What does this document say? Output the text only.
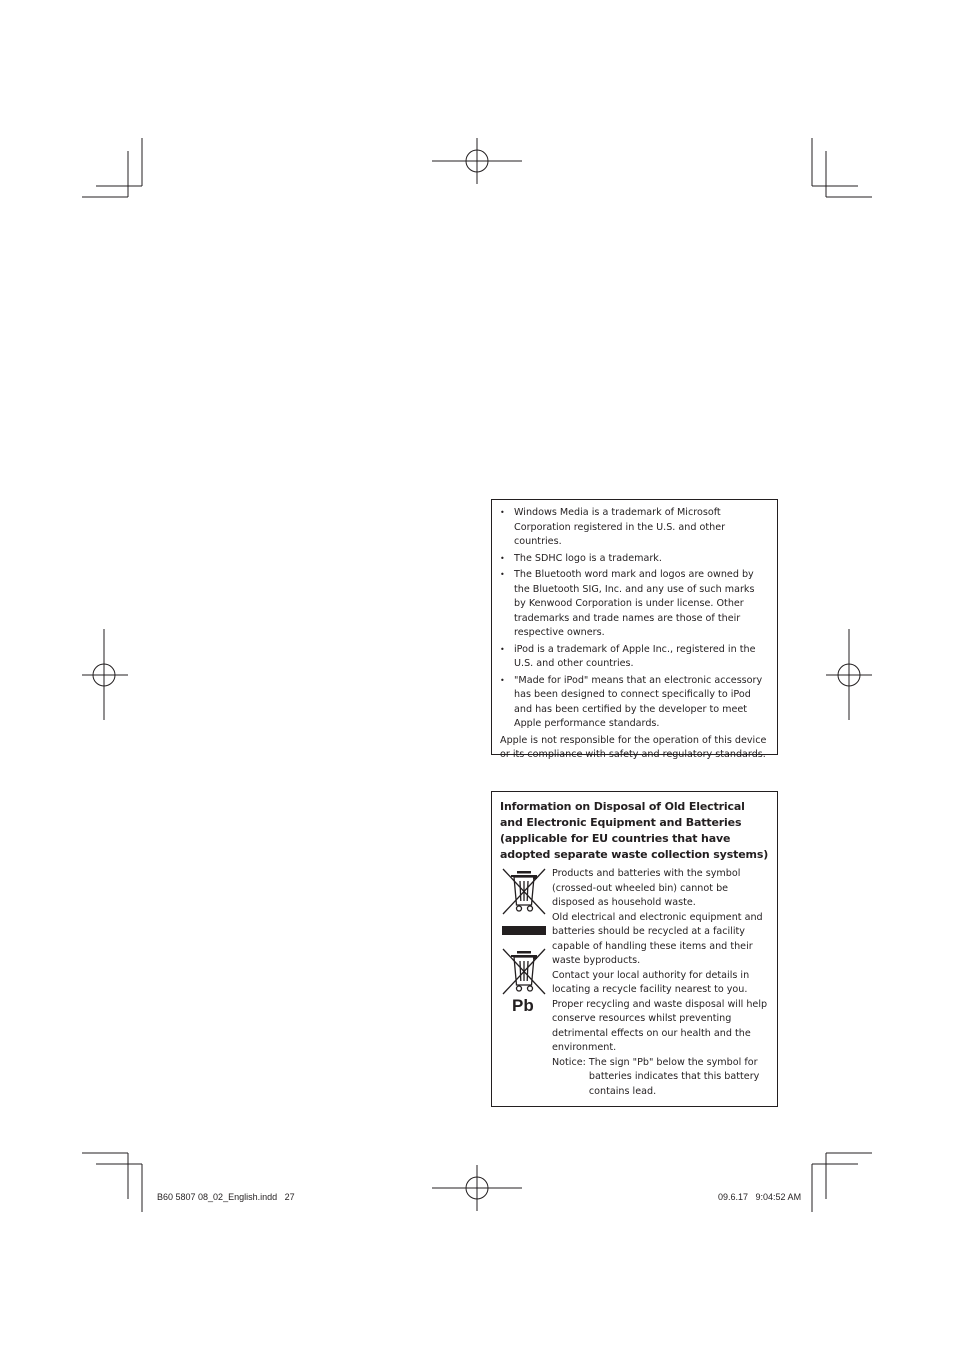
• Windows Media is a trademark of Microsoft Corporation registered in the U.S. and other countries.
• The SDHC logo is a trademark.
• The Bluetooth word mark and logos are owned by the Bluetooth SIG, Inc. and any use of such marks by Kenwood Corporation is under license. Other trademarks and trade names are those of their respective owners.
• iPod is a trademark of Apple Inc., registered in the U.S. and other countries.
• "Made for iPod" means that an electronic accessory has been designed to connect specifically to iPod and has been certified by the developer to meet Apple performance standards.
Apple is not responsible for the operation of this device or its compliance with safety and regulatory standards.
Information on Disposal of Old Electrical and Electronic Equipment and Batteries (applicable for EU countries that have adopted separate waste collection systems)
Pb

Products and batteries with the symbol (crossed-out wheeled bin) cannot be disposed as household waste.

Old electrical and electronic equipment and batteries should be recycled at a facility capable of handling these items and their waste byproducts.

Contact your local authority for details in locating a recycle facility nearest to you.

Proper recycling and waste disposal will help conserve resources whilst preventing detrimental effects on our health and the environment.

Notice: The sign "Pb" below the symbol for batteries indicates that this battery contains lead.
B60 5807 08_02_English.indd   27	09.6.17   9:04:52 AM
